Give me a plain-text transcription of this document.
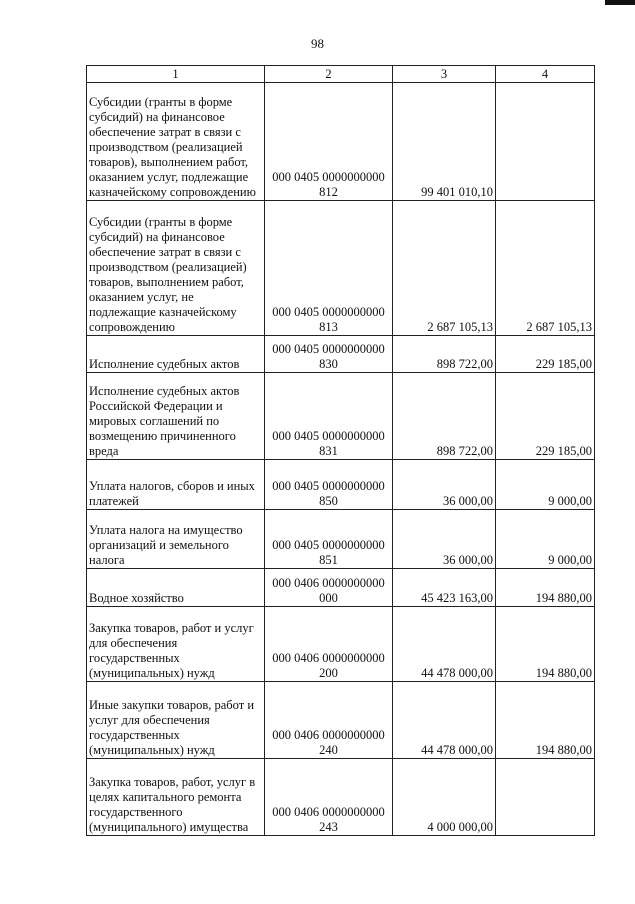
98
1	2	3	4
Субсидии (гранты в форме субсидий) на финансовое обеспечение затрат в связи с производством (реализацией товаров), выполнением работ, оказанием услуг, подлежащие казначейскому сопровождению	000 0405 0000000000 812	99 401 010,10	
Субсидии (гранты в форме субсидий) на финансовое обеспечение затрат в связи с производством (реализацией) товаров, выполнением работ, оказанием услуг, не подлежащие казначейскому сопровождению	000 0405 0000000000 813	2 687 105,13	2 687 105,13
Исполнение судебных актов	000 0405 0000000000 830	898 722,00	229 185,00
Исполнение судебных актов Российской Федерации и мировых соглашений по возмещению причиненного вреда	000 0405 0000000000 831	898 722,00	229 185,00
Уплата налогов, сборов и иных платежей	000 0405 0000000000 850	36 000,00	9 000,00
Уплата налога на имущество организаций и земельного налога	000 0405 0000000000 851	36 000,00	9 000,00
Водное хозяйство	000 0406 0000000000 000	45 423 163,00	194 880,00
Закупка товаров, работ и услуг для обеспечения государственных (муниципальных) нужд	000 0406 0000000000 200	44 478 000,00	194 880,00
Иные закупки товаров, работ и услуг для обеспечения государственных (муниципальных) нужд	000 0406 0000000000 240	44 478 000,00	194 880,00
Закупка товаров, работ, услуг в целях капитального ремонта государственного (муниципального) имущества	000 0406 0000000000 243	4 000 000,00	
